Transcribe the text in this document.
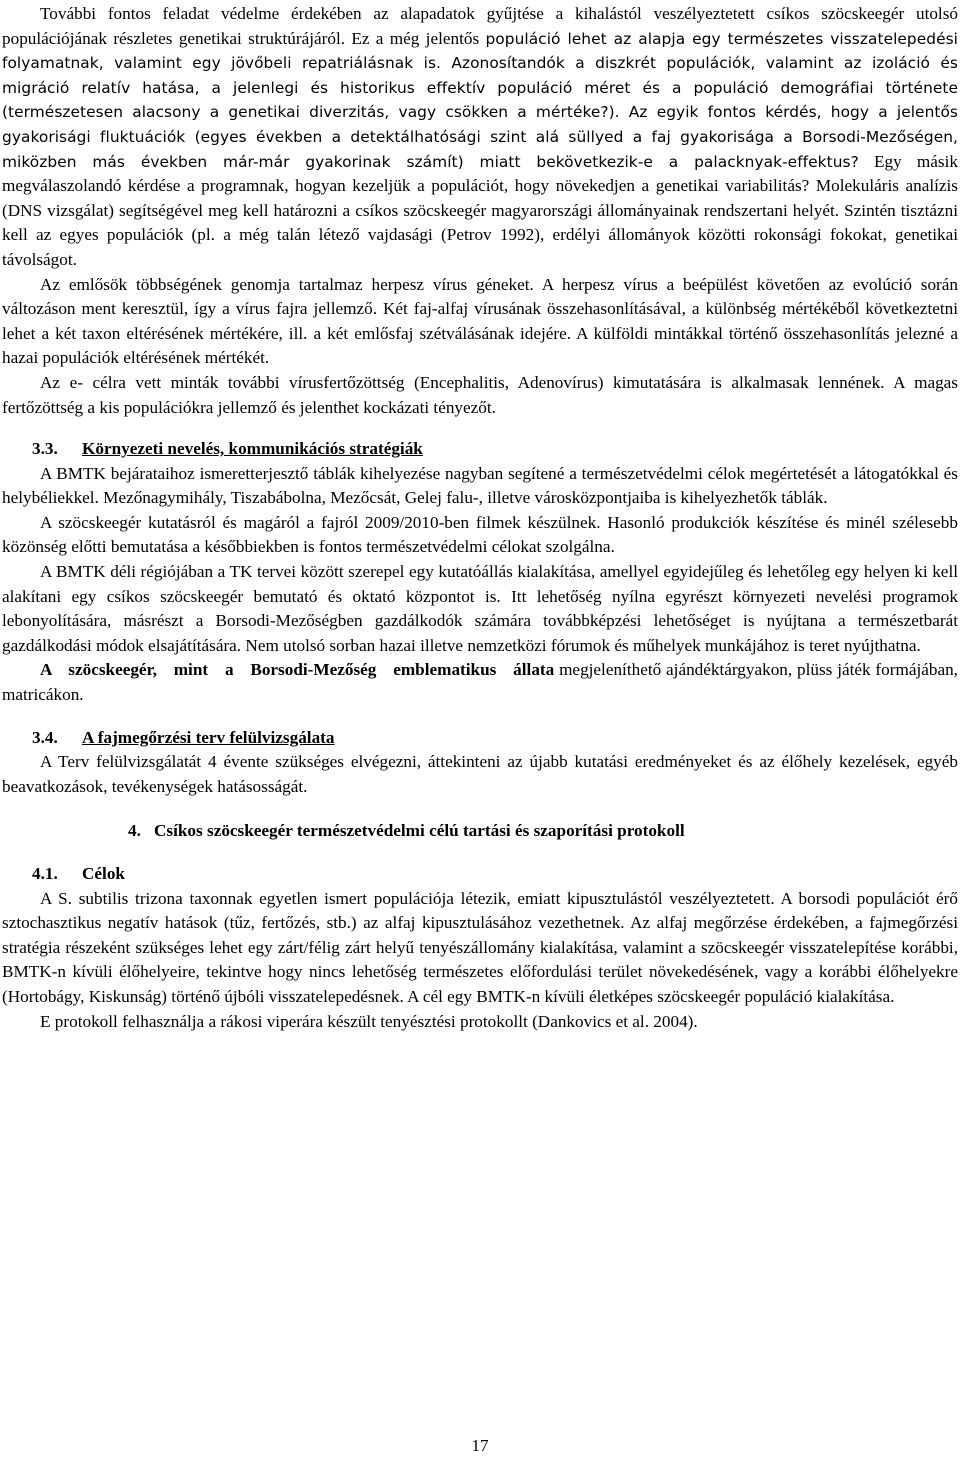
További fontos feladat védelme érdekében az alapadatok gyűjtése a kihalástól veszélyeztetett csíkos szöcskeegér utolsó populációjának részletes genetikai struktúrájáról. Ez a még jelentős populáció lehet az alapja egy természetes visszatelepedési folyamatnak, valamint egy jövőbeli repatriálásnak is. Azonosítandók a diszkrét populációk, valamint az izoláció és migráció relatív hatása, a jelenlegi és historikus effektív populáció méret és a populáció demográfiai története (természetesen alacsony a genetikai diverzitás, vagy csökken a mértéke?). Az egyik fontos kérdés, hogy a jelentős gyakorisági fluktuációk (egyes években a detektálhatósági szint alá süllyed a faj gyakorisága a Borsodi-Mezőségen, miközben más években már-már gyakorinak számít) miatt bekövetkezik-e a palacknyak-effektus? Egy másik megválaszolandó kérdése a programnak, hogyan kezeljük a populációt, hogy növekedjen a genetikai variabilitás? Molekuláris analízis (DNS vizsgálat) segítségével meg kell határozni a csíkos szöcskeegér magyarországi állományainak rendszertani helyét. Szintén tisztázni kell az egyes populációk (pl. a még talán létező vajdasági (Petrov 1992), erdélyi állományok közötti rokonsági fokokat, genetikai távolságot.

Az emlősök többségének genomja tartalmaz herpesz vírus géneket. A herpesz vírus a beépülést követően az evolúció során változáson ment keresztül, így a vírus fajra jellemző. Két faj-alfaj vírusának összehasonlításával, a különbség mértékéből következtetni lehet a két taxon eltérésének mértékére, ill. a két emlősfaj szétválásának idejére. A külföldi mintákkal történő összehasonlítás jelezné a hazai populációk eltérésének mértékét.

Az e- célra vett minták további vírusfertőzöttség (Encephalitis, Adenovírus) kimutatására is alkalmasak lennének. A magas fertőzöttség a kis populációkra jellemző és jelenthet kockázati tényezőt.

3.3. Környezeti nevelés, kommunikációs stratégiák

A BMTK bejárataihoz ismeretterjesztő táblák kihelyezése nagyban segítené a természetvédelmi célok megértetését a látogatókkal és helybéliekkel. Mezőnagymihály, Tiszabábolna, Mezőcsát, Gelej falu-, illetve városközpontjaiba is kihelyezhetők táblák.

A szöcskeegér kutatásról és magáról a fajról 2009/2010-ben filmek készülnek. Hasonló produkciók készítése és minél szélesebb közönség előtti bemutatása a későbbiekben is fontos természetvédelmi célokat szolgálna.

A BMTK déli régiójában a TK tervei között szerepel egy kutatóállás kialakítása, amellyel egyidejűleg és lehetőleg egy helyen ki kell alakítani egy csíkos szöcskeegér bemutató és oktató központot is. Itt lehetőség nyílna egyrészt környezeti nevelési programok lebonyolítására, másrészt a Borsodi-Mezőségben gazdálkodók számára továbbképzési lehetőséget is nyújtana a természetbarát gazdálkodási módok elsajátítására. Nem utolsó sorban hazai illetve nemzetközi fórumok és műhelyek munkájához is teret nyújthatna.

A szöcskeegér, mint a Borsodi-Mezőség emblematikus állata megjeleníthető ajándéktárgyakon, plüss játék formájában, matricákon.

3.4. A fajmegőrzési terv felülvizsgálata

A Terv felülvizsgálatát 4 évente szükséges elvégezni, áttekinteni az újabb kutatási eredményeket és az élőhely kezelések, egyéb beavatkozások, tevékenységek hatásosságát.

4. Csíkos szöcskeegér természetvédelmi célú tartási és szaporítási protokoll
4.1. Célok

A S. subtilis trizona taxonnak egyetlen ismert populációja létezik, emiatt kipusztulástól veszélyeztetett. A borsodi populációt érő sztochasztikus negatív hatások (tűz, fertőzés, stb.) az alfaj kipusztulásához vezethetnek. Az alfaj megőrzése érdekében, a fajmegőrzési stratégia részeként szükséges lehet egy zárt/félig zárt helyű tenyészállomány kialakítása, valamint a szöcskeegér visszatelepítése korábbi, BMTK-n kívüli élőhelyeire, tekintve hogy nincs lehetőség természetes előfordulási terület növekedésének, vagy a korábbi élőhelyekre (Hortobágy, Kiskunság) történő újbóli visszatelepedésnek. A cél egy BMTK-n kívüli életképes szöcskeegér populáció kialakítása.

E protokoll felhasználja a rákosi viperára készült tenyésztési protokollt (Dankovics et al. 2004).

17
